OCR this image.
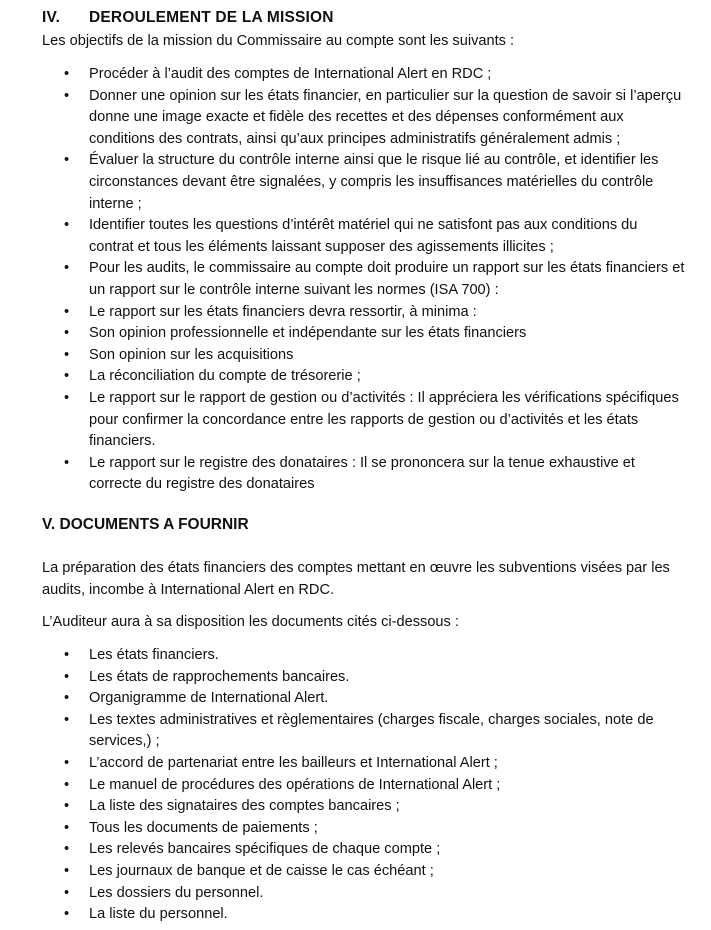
IV. DEROULEMENT DE LA MISSION
Les objectifs de la mission du Commissaire au compte sont les suivants :
• Procéder à l’audit des comptes de International Alert en RDC ;
• Donner une opinion sur les états financier, en particulier sur la question de savoir si l’aperçu donne une image exacte et fidèle des recettes et des dépenses conformément aux conditions des contrats, ainsi qu’aux principes administratifs généralement admis ;
• Évaluer la structure du contrôle interne ainsi que le risque lié au contrôle, et identifier les circonstances devant être signalées, y compris les insuffisances matérielles du contrôle interne ;
• Identifier toutes les questions d’intérêt matériel qui ne satisfont pas aux conditions du contrat et tous les éléments laissant supposer des agissements illicites ;
• Pour les audits, le commissaire au compte doit produire un rapport sur les états financiers et un rapport sur le contrôle interne suivant les normes (ISA 700) :
• Le rapport sur les états financiers devra ressortir, à minima :
• Son opinion professionnelle et indépendante sur les états financiers
• Son opinion sur les acquisitions
• La réconciliation du compte de trésorerie ;
• Le rapport sur le rapport de gestion ou d’activités : Il appréciera les vérifications spécifiques pour confirmer la concordance entre les rapports de gestion ou d’activités et les états financiers.
• Le rapport sur le registre des donataires : Il se prononcera sur la tenue exhaustive et correcte du registre des donataires
V. DOCUMENTS A FOURNIR
La préparation des états financiers des comptes mettant en œuvre les subventions visées par les audits, incombe à International Alert en RDC.
L’Auditeur aura à sa disposition les documents cités ci-dessous :
• Les états financiers.
• Les états de rapprochements bancaires.
• Organigramme de International Alert.
• Les textes administratives et règlementaires (charges fiscale, charges sociales, note de services,) ;
• L’accord de partenariat entre les bailleurs et International Alert ;
• Le manuel de procédures des opérations de International Alert ;
• La liste des signataires des comptes bancaires ;
• Tous les documents de paiements ;
• Les relevés bancaires spécifiques de chaque compte ;
• Les journaux de banque et de caisse le cas échéant ;
• Les dossiers du personnel.
• La liste du personnel.
